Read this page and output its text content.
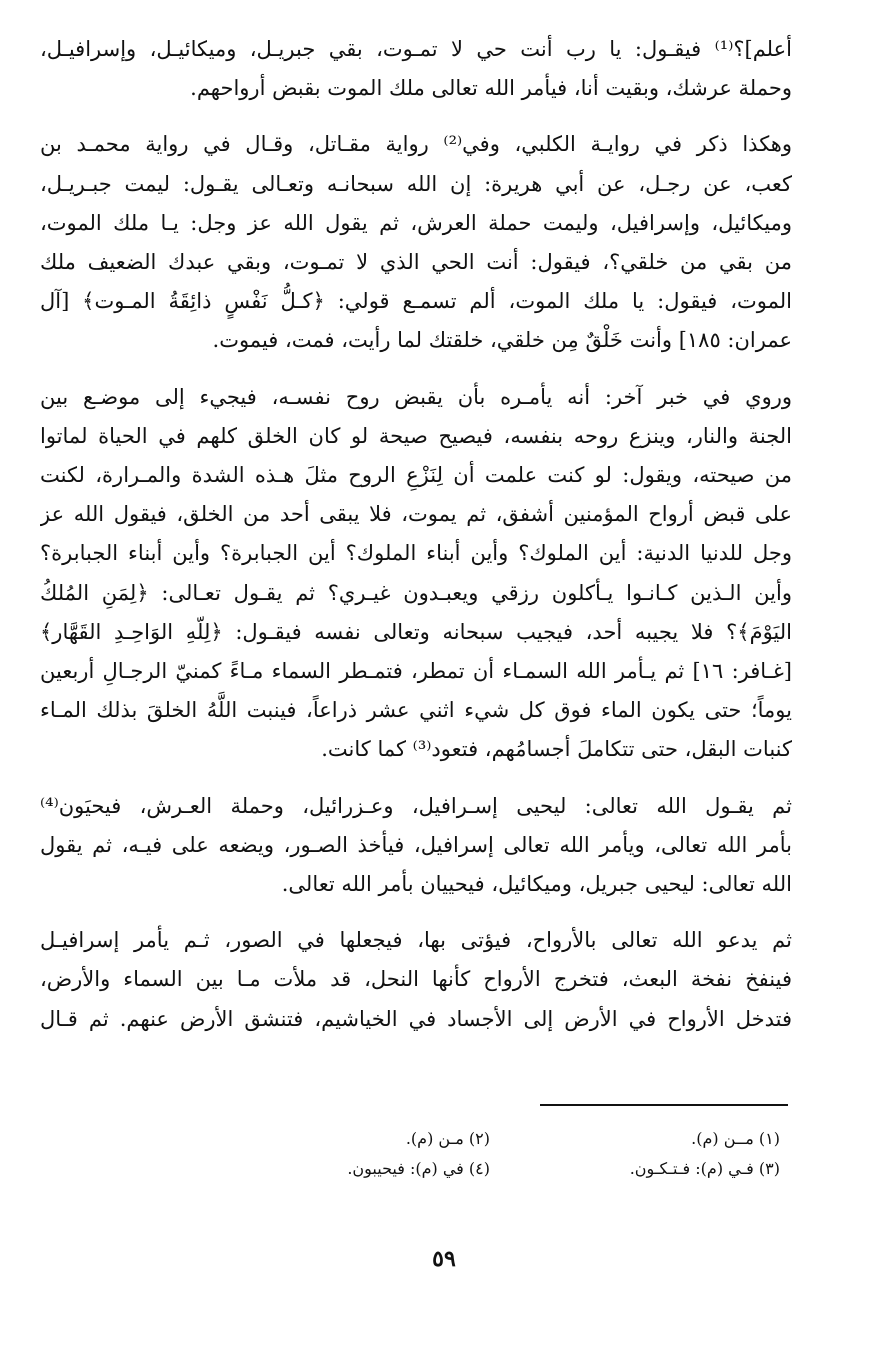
أعلم]؟⁽¹⁾ فيقـول: يا رب أنت حي لا تمـوت، بقي جبريـل، وميكائيـل، وإسرافيـل،
وحملة عرشك، وبقيت أنا، فيأمر الله تعالى ملك الموت بقبض أرواحهم.
وهكذا ذكر في روايـة الكلبي، وفي⁽²⁾ رواية مقـاتل، وقـال في رواية محمـد بن
كعب، عن رجـل، عن أبي هريرة: إن الله سبحانـه وتعـالى يقـول: ليمت جبـريـل،
وميكائيل، وإسرافيل، وليمت حملة العرش، ثم يقول الله عز وجل: يـا ملك الموت،
من بقي من خلقي؟، فيقول: أنت الحي الذي لا تمـوت، وبقي عبدك الضعيف ملك
الموت، فيقول: يا ملك الموت، ألم تسمـع قولي: ﴿كـلُّ نَفْسٍ ذائِقَةُ المـوت﴾ [آل
عمران: ١٨٥] وأنت خَلْقٌ مِن خلقي، خلقتك لما رأيت، فمت، فيموت.
وروي في خبر آخر: أنه يأمـره بأن يقبض روح نفسـه، فيجيء إلى موضـع بين
الجنة والنار، وينزع روحه بنفسه، فيصيح صيحة لو كان الخلق كلهم في الحياة لماتوا
من صيحته، ويقول: لو كنت علمت أن لِنَزْعِ الروح مثلَ هـذه الشدة والمـرارة، لكنت
على قبض أرواح المؤمنين أشفق، ثم يموت، فلا يبقى أحد من الخلق، فيقول الله عز
وجل للدنيا الدنية: أين الملوك؟ وأين أبناء الملوك؟ أين الجبابرة؟ وأين أبناء الجبابرة؟
وأين الـذين كـانـوا يـأكلون رزقي ويعبـدون غيـري؟ ثم يقـول تعـالى: ﴿لِمَنِ المُلكُ
اليَوْمَ﴾؟ فلا يجيبه أحد، فيجيب سبحانه وتعالى نفسه فيقـول: ﴿لِلّهِ الوَاحِـدِ القَهَّار﴾
[غـافر: ١٦] ثم يـأمر الله السمـاء أن تمطر، فتمـطر السماء مـاءً كمنيّ الرجـالِ أربعين
يوماً؛ حتى يكون الماء فوق كل شيء اثني عشر ذراعاً، فينبت اللَّهُ الخلقَ بذلك المـاء
كنبات البقل، حتى تتكاملَ أجسامُهم، فتعود⁽³⁾ كما كانت.
ثم يقـول الله تعالى: ليحيى إسـرافيل، وعـزرائيل، وحملة العـرش، فيحيَون⁽⁴⁾
بأمر الله تعالى، ويأمر الله تعالى إسرافيل، فيأخذ الصـور، ويضعه على فيـه، ثم يقول
الله تعالى: ليحيى جبريل، وميكائيل، فيحييان بأمر الله تعالى.
ثم يدعو الله تعالى بالأرواح، فيؤتى بها، فيجعلها في الصور، ثـم يأمر إسرافيـل
فينفخ نفخة البعث، فتخرج الأرواح كأنها النحل، قد ملأت مـا بين السماء والأرض،
فتدخل الأرواح في الأرض إلى الأجساد في الخياشيم، فتنشق الأرض عنهم. ثم قـال
(١) مــن (م).
(٢) مـن (م).
(٣) فـي (م): فـتـكـون.
(٤) في (م): فيحيبون.
٥٩
